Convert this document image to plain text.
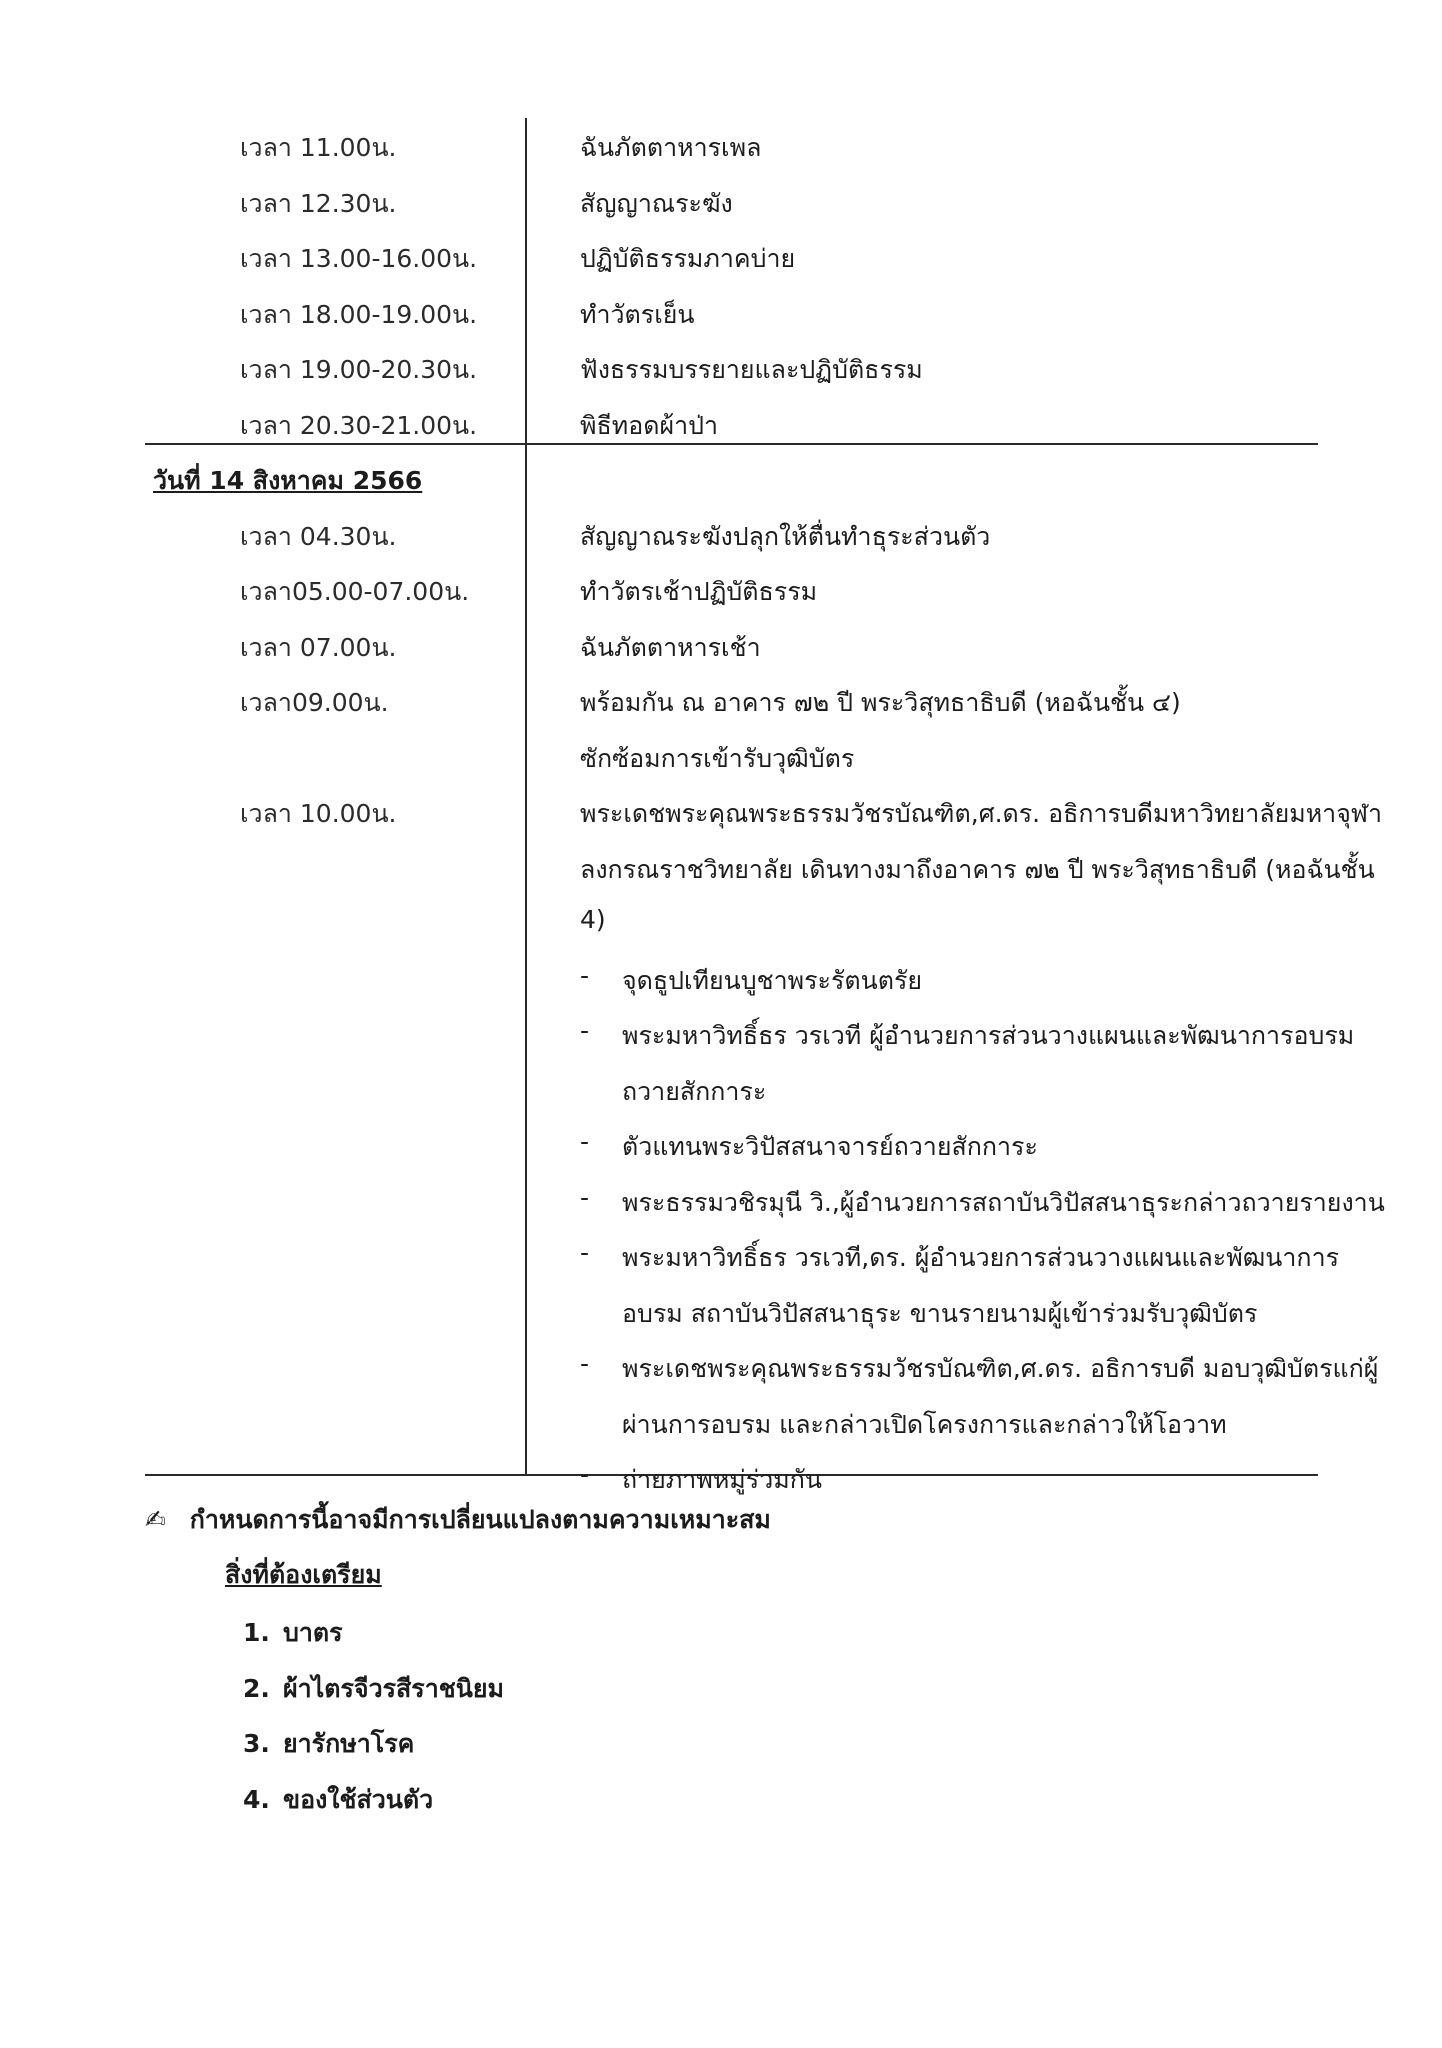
เวลา 11.00น.	ฉันภัตตาหารเพล
เวลา 12.30น.	สัญญาณระฆัง
เวลา 13.00-16.00น.	ปฏิบัติธรรมภาคบ่าย
เวลา 18.00-19.00น.	ทำวัตรเย็น
เวลา 19.00-20.30น.	ฟังธรรมบรรยายและปฏิบัติธรรม
เวลา 20.30-21.00น.	พิธีทอดผ้าป่า
วันที่ 14 สิงหาคม 2566
เวลา 04.30น.	สัญญาณระฆังปลุกให้ตื่นทำธุระส่วนตัว
เวลา05.00-07.00น.	ทำวัตรเช้าปฏิบัติธรรม
เวลา 07.00น.	ฉันภัตตาหารเช้า
เวลา09.00น.	พร้อมกัน ณ อาคาร ๗๒ ปี พระวิสุทธาธิบดี (หอฉันชั้น ๔)
ซักซ้อมการเข้ารับวุฒิบัตร
เวลา 10.00น.	พระเดชพระคุณพระธรรมวัชรบัณฑิต,ศ.ดร. อธิการบดีมหาวิทยาลัยมหาจุฬา
ลงกรณราชวิทยาลัย เดินทางมาถึงอาคาร ๗๒ ปี พระวิสุทธาธิบดี (หอฉันชั้น
4)
- จุดธูปเทียนบูชาพระรัตนตรัย
- พระมหาวิทธิ์ธร วรเวที ผู้อำนวยการส่วนวางแผนและพัฒนาการอบรม
ถวายสักการะ
- ตัวแทนพระวิปัสสนาจารย์ถวายสักการะ
- พระธรรมวชิรมุนี วิ.,ผู้อำนวยการสถาบันวิปัสสนาธุระกล่าวถวายรายงาน
- พระมหาวิทธิ์ธร วรเวที,ดร. ผู้อำนวยการส่วนวางแผนและพัฒนาการ
อบรม สถาบันวิปัสสนาธุระ ขานรายนามผู้เข้าร่วมรับวุฒิบัตร
- พระเดชพระคุณพระธรรมวัชรบัณฑิต,ศ.ดร. อธิการบดี มอบวุฒิบัตรแก่ผู้
ผ่านการอบรม และกล่าวเปิดโครงการและกล่าวให้โอวาท
- ถ่ายภาพหมู่ร่วมกัน
✍ กำหนดการนี้อาจมีการเปลี่ยนแปลงตามความเหมาะสม
สิ่งที่ต้องเตรียม
1. บาตร
2. ผ้าไตรจีวรสีราชนิยม
3. ยารักษาโรค
4. ของใช้ส่วนตัว
